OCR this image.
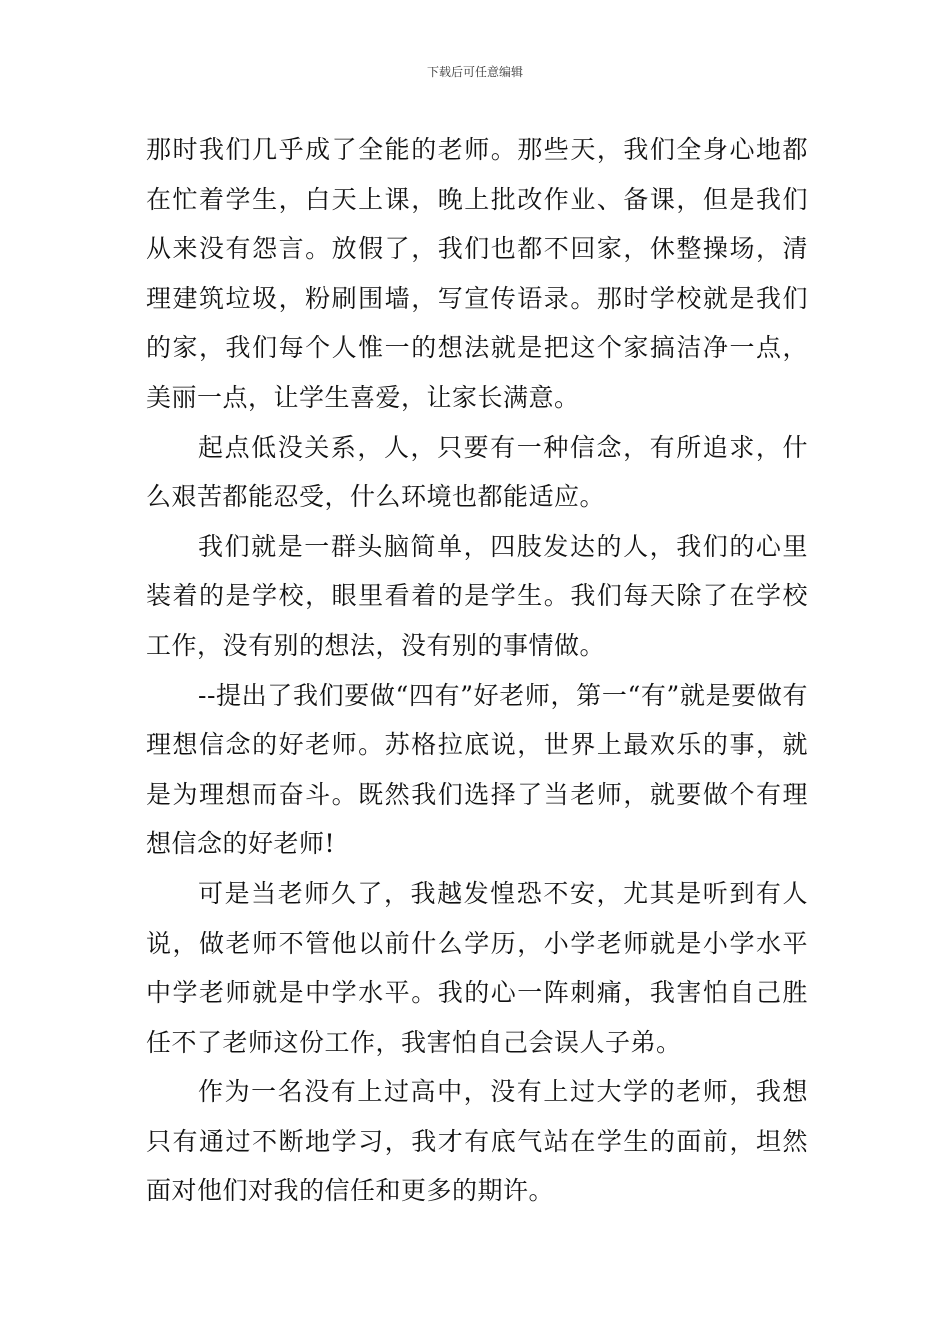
下载后可任意编辑

那时我们几乎成了全能的老师。那些天，我们全身心地都在忙着学生，白天上课，晚上批改作业、备课，但是我们从来没有怨言。放假了，我们也都不回家，休整操场，清理建筑垃圾，粉刷围墙，写宣传语录。那时学校就是我们的家，我们每个人惟一的想法就是把这个家搞洁净一点，美丽一点，让学生喜爱，让家长满意。

起点低没关系，人，只要有一种信念，有所追求，什么艰苦都能忍受，什么环境也都能适应。

我们就是一群头脑简单，四肢发达的人，我们的心里装着的是学校，眼里看着的是学生。我们每天除了在学校工作，没有别的想法，没有别的事情做。

--提出了我们要做“四有”好老师，第一“有”就是要做有理想信念的好老师。苏格拉底说，世界上最欢乐的事，就是为理想而奋斗。既然我们选择了当老师，就要做个有理想信念的好老师!

可是当老师久了，我越发惶恐不安，尤其是听到有人说，做老师不管他以前什么学历，小学老师就是小学水平中学老师就是中学水平。我的心一阵刺痛，我害怕自己胜任不了老师这份工作，我害怕自己会误人子弟。

作为一名没有上过高中，没有上过大学的老师，我想只有通过不断地学习，我才有底气站在学生的面前，坦然面对他们对我的信任和更多的期许。
